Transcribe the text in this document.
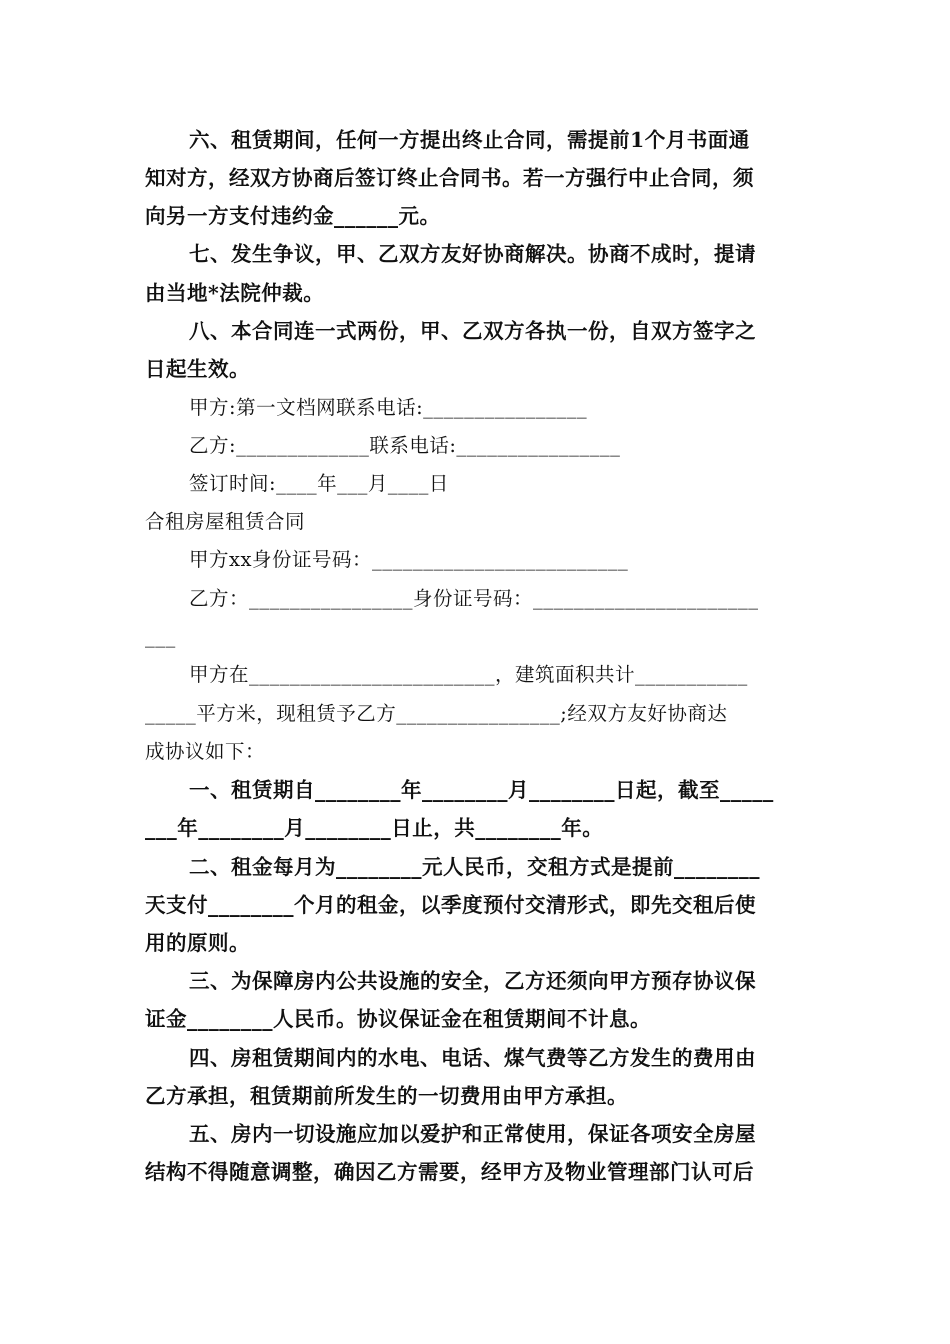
六、租赁期间，任何一方提出终止合同，需提前1个月书面通
知对方，经双方协商后签订终止合同书。若一方强行中止合同，须
向另一方支付违约金______元。
七、发生争议，甲、乙双方友好协商解决。协商不成时，提请
由当地*法院仲裁。
八、本合同连一式两份，甲、乙双方各执一份，自双方签字之
日起生效。
甲方:第一文档网联系电话:________________
乙方:_____________联系电话:________________
签订时间:____年___月____日
合租房屋租赁合同
甲方xx身份证号码：_________________________
乙方：________________身份证号码：______________________
___
甲方在________________________，建筑面积共计___________
_____平方米，现租赁予乙方________________;经双方友好协商达
成协议如下：
一、租赁期自________年________月________日起，截至_____
___年________月________日止，共________年。
二、租金每月为________元人民币，交租方式是提前________
天支付________个月的租金，以季度预付交清形式，即先交租后使
用的原则。
三、为保障房内公共设施的安全，乙方还须向甲方预存协议保
证金________人民币。协议保证金在租赁期间不计息。
四、房租赁期间内的水电、电话、煤气费等乙方发生的费用由
乙方承担，租赁期前所发生的一切费用由甲方承担。
五、房内一切设施应加以爱护和正常使用，保证各项安全房屋
结构不得随意调整，确因乙方需要，经甲方及物业管理部门认可后
